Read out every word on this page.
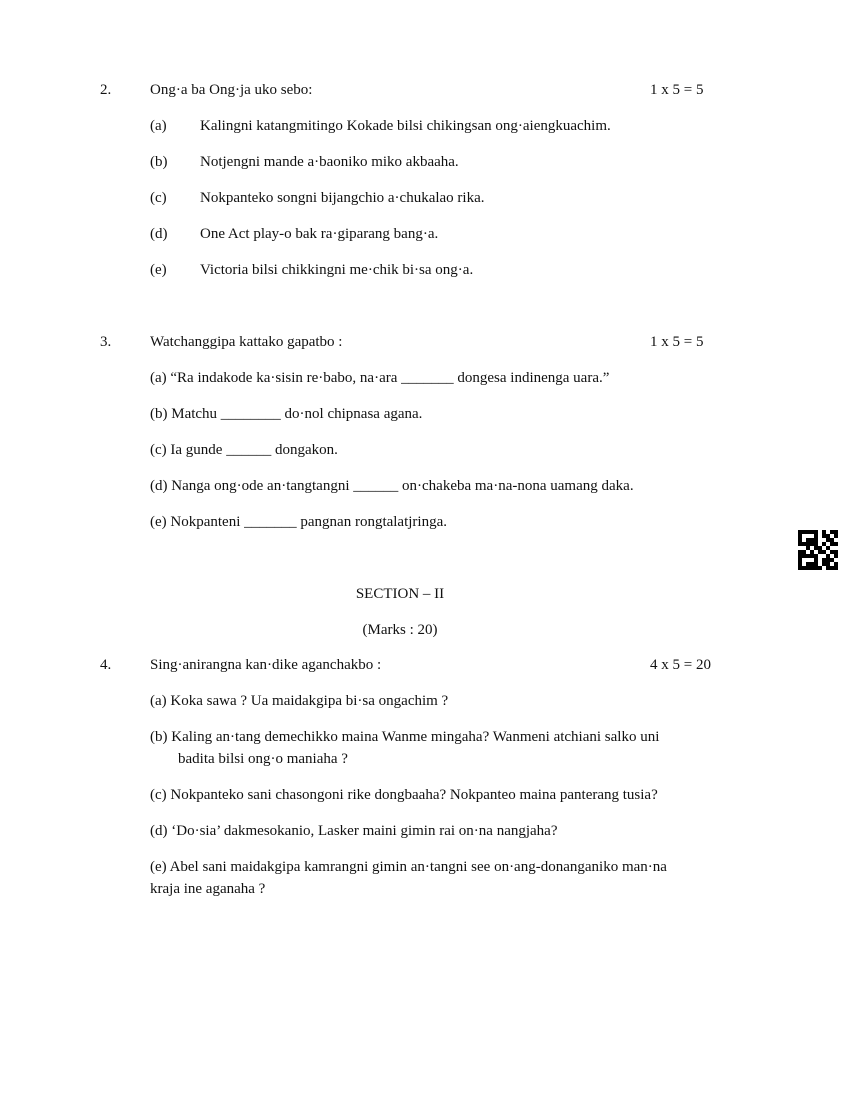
2.	Ong·a ba Ong·ja uko sebo:	1 x 5 = 5
(a) Kalingni katangmitingo Kokade bilsi chikingsan ong·aiengkuachim.
(b) Notjengni mande a·baoniko miko akbaaha.
(c) Nokpanteko songni bijangchio a·chukalao rika.
(d) One Act play-o bak ra·giparang bang·a.
(e) Victoria bilsi chikkingni me·chik bi·sa ong·a.
3.	Watchanggipa kattako gapatbo :	1 x 5 = 5
(a) “Ra indakode ka·sisin re·babo, na·ara _______ dongesa indinenga uara.”
(b) Matchu ________ do·nol chipnasa agana.
(c) Ia gunde ______ dongakon.
(d) Nanga ong·ode an·tangtangni ______ on·chakeba ma·na-nona uamang daka.
(e) Nokpanteni _______ pangnan rongtalatjringa.
SECTION – II
(Marks : 20)
4.	Sing·anirangna kan·dike aganchakbo :	4 x 5 = 20
(a) Koka sawa ? Ua maidakgipa bi·sa ongachim ?
(b) Kaling an·tang demechikko maina Wanme mingaha? Wanmeni atchiani salko uni
badita bilsi ong·o maniaha ?
(c) Nokpanteko sani chasongoni rike dongbaaha? Nokpanteo maina panterang tusia?
(d) ‘Do·sia’ dakmesokanio, Lasker maini gimin rai on·na nangjaha?
(e) Abel sani maidakgipa kamrangni gimin an·tangni see on·ang-donanganiko man·na
kraja ine aganaha ?
